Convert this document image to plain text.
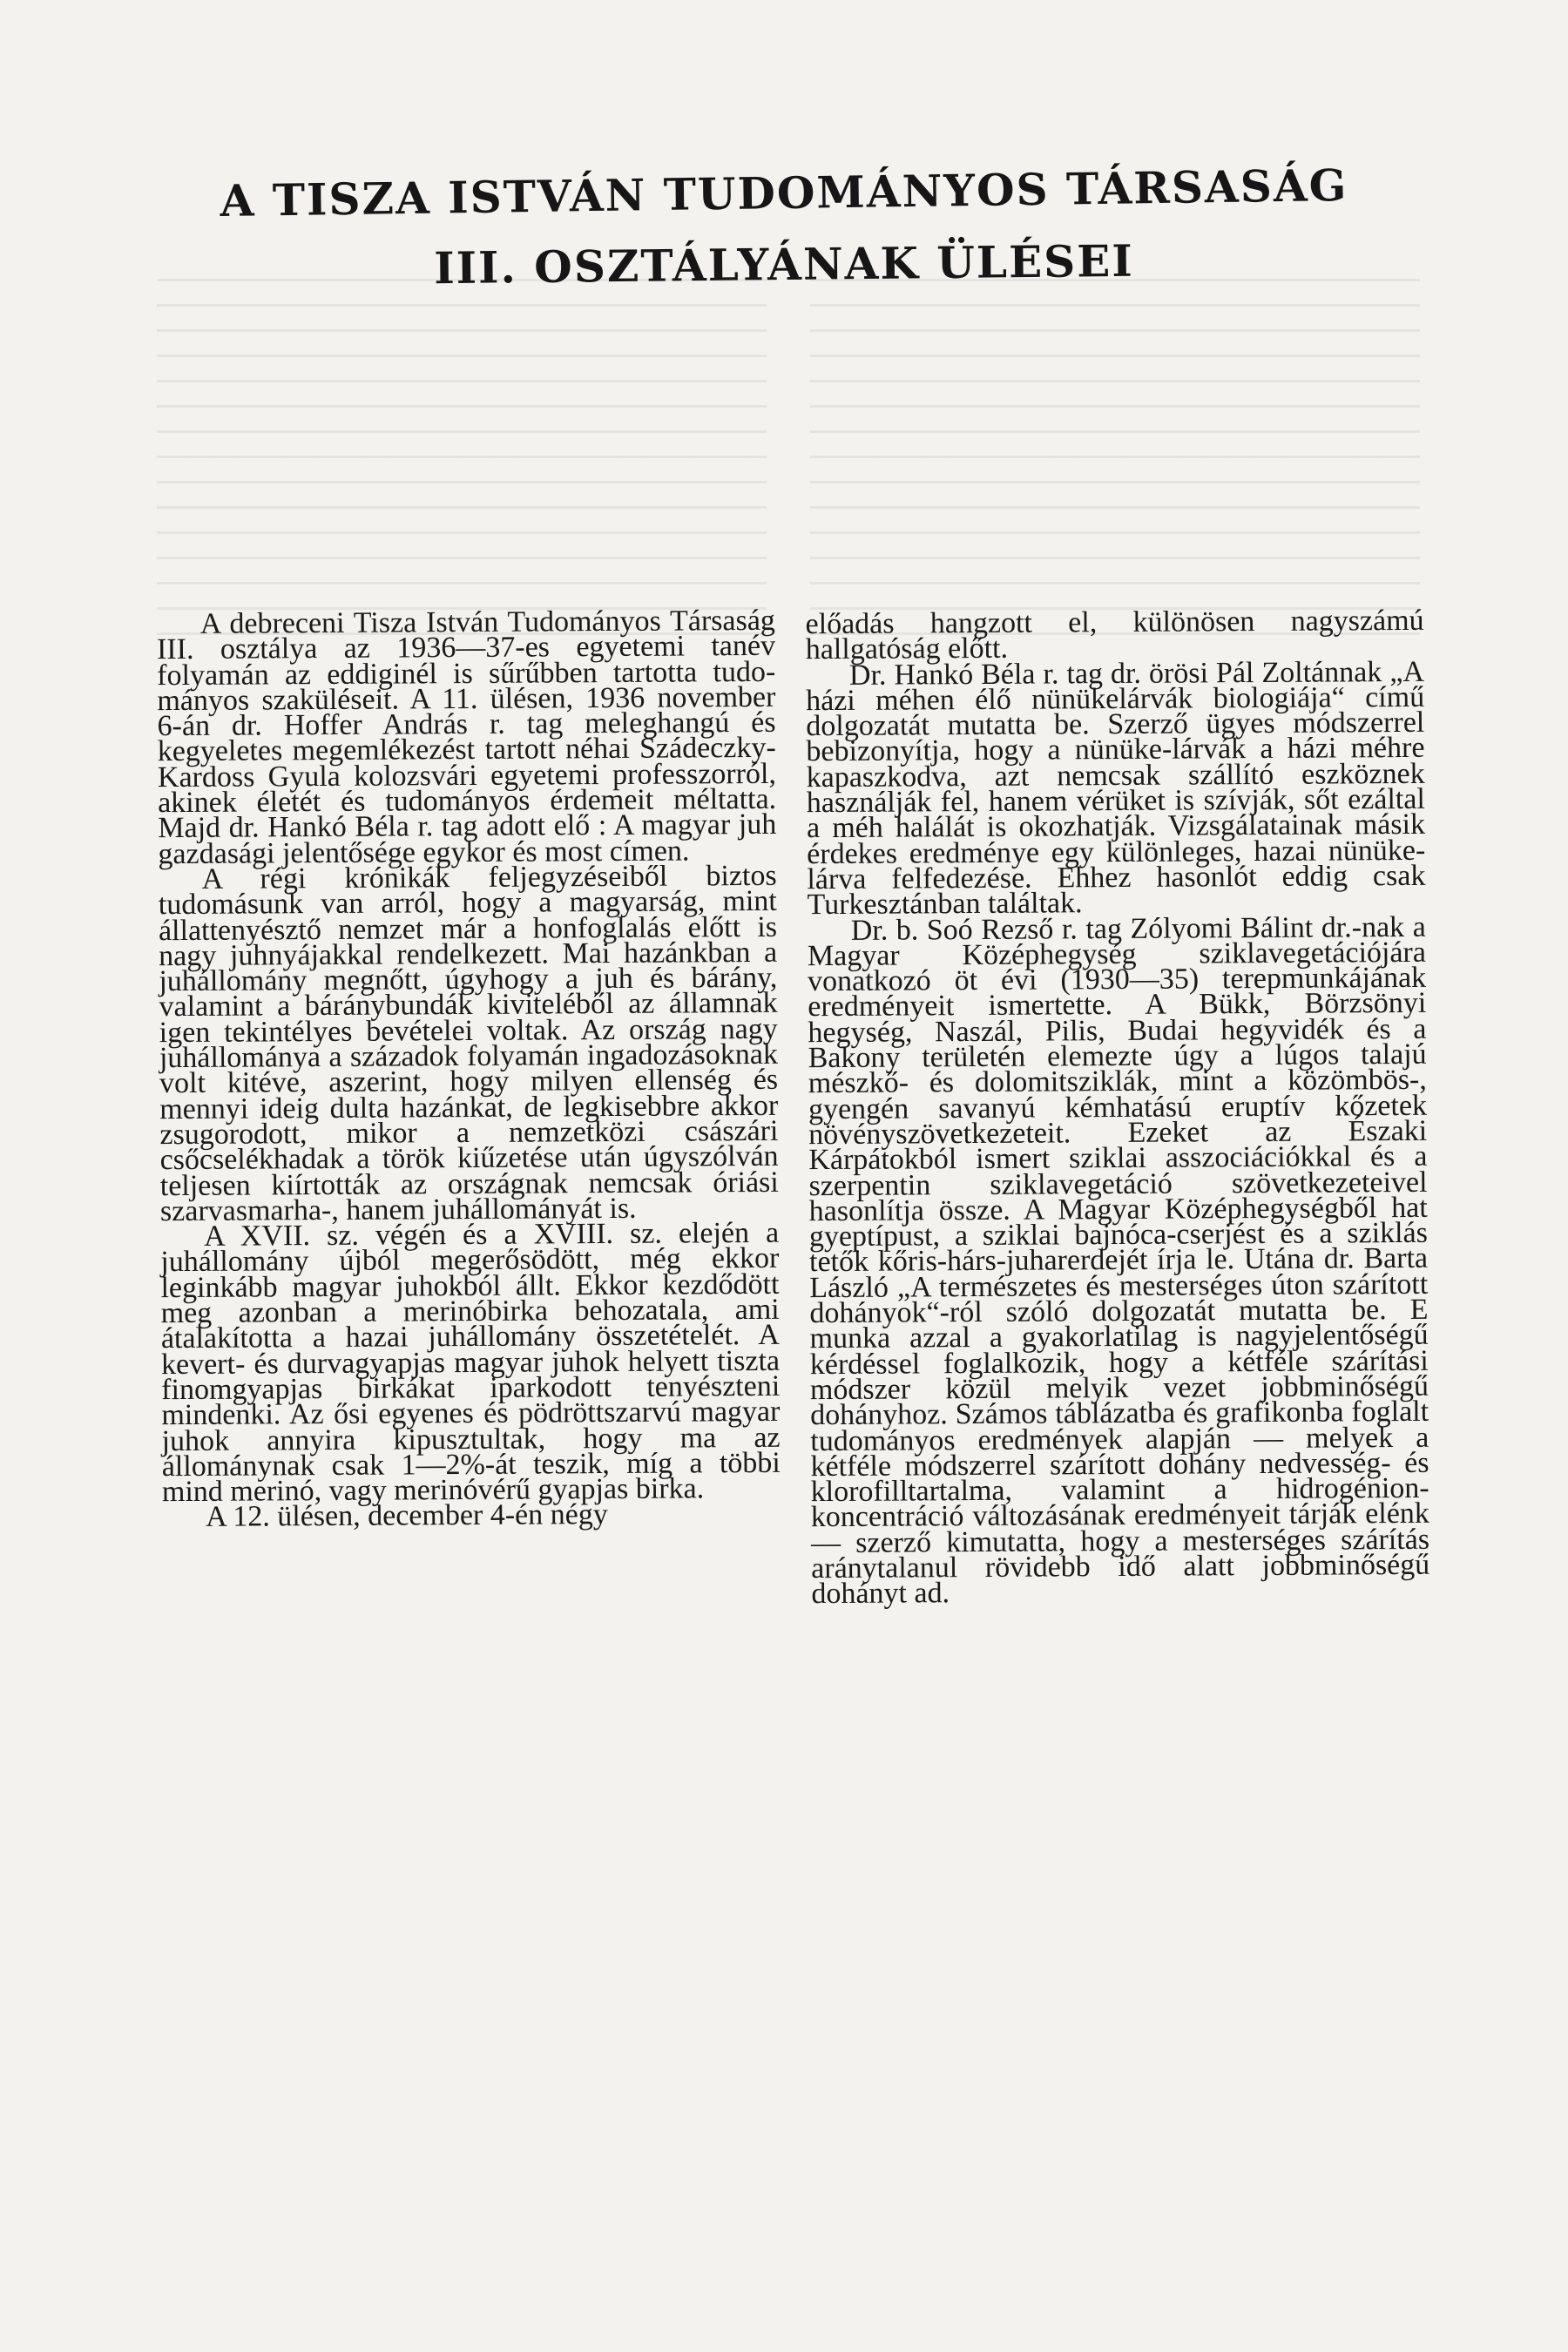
A TISZA ISTVÁN TUDOMÁNYOS TÁRSASÁG
III. OSZTÁLYÁNAK ÜLÉSEI

A debreceni Tisza István Tudományos Társaság III. osztálya az 1936—37-es egyetemi tanév folyamán az eddiginél is sűrűbben tartotta tudományos szaküléseit. A 11. ülésen, 1936 november 6-án dr. Hoffer András r. tag meleghangú és kegyeletes megemlékezést tartott néhai Szádeczky-Kardoss Gyula kolozsvári egyetemi professzorról, akinek életét és tudományos érdemeit méltatta. Majd dr. Hankó Béla r. tag adott elő : A magyar juh gazdasági jelentősége egykor és most címen.

A régi krónikák feljegyzéseiből biztos tudomásunk van arról, hogy a magyarság, mint állattenyésztő nemzet már a honfoglalás előtt is nagy juhnyájakkal rendelkezett. Mai hazánkban a juhállomány megnőtt, úgyhogy a juh és bárány, valamint a báránybundák kiviteléből az államnak igen tekintélyes bevételei voltak. Az ország nagy juhállománya a századok folyamán ingadozásoknak volt kitéve, aszerint, hogy milyen ellenség és mennyi ideig dulta hazánkat, de legkisebbre akkor zsugorodott, mikor a nemzetközi császári csőcselékhadak a török kiűzetése után úgyszólván teljesen kiírtották az országnak nemcsak óriási szarvasmarha-, hanem juhállományát is.

A XVII. sz. végén és a XVIII. sz. elején a juhállomány újból megerősödött, még ekkor leginkább magyar juhokból állt. Ekkor kezdődött meg azonban a merinóbirka behozatala, ami átalakította a hazai juhállomány összetételét. A kevert- és durvagyapjas magyar juhok helyett tiszta finomgyapjas birkákat iparkodott tenyészteni mindenki. Az ősi egyenes és pödröttszarvú magyar juhok annyira kipusztultak, hogy ma az állománynak csak 1—2%-át teszik, míg a többi mind merinó, vagy merinóvérű gyapjas birka.

A 12. ülésen, december 4-én négy

előadás hangzott el, különösen nagyszámú hallgatóság előtt.

Dr. Hankó Béla r. tag dr. örösi Pál Zoltánnak „A házi méhen élő nünükelárvák biologiája“ című dolgozatát mutatta be. Szerző ügyes módszerrel bebizonyítja, hogy a nünüke-lárvák a házi méhre kapaszkodva, azt nemcsak szállító eszköznek használják fel, hanem vérüket is szívják, sőt ezáltal a méh halálát is okozhatják. Vizsgálatainak másik érdekes eredménye egy különleges, hazai nünükelárva felfedezése. Ehhez hasonlót eddig csak Turkesztánban találtak.

Dr. b. Soó Rezső r. tag Zólyomi Bálint dr.-nak a Magyar Középhegység sziklavegetációjára vonatkozó öt évi (1930—35) terepmunkájának eredményeit ismertette. A Bükk, Börzsönyi hegység, Naszál, Pilis, Budai hegyvidék és a Bakony területén elemezte úgy a lúgos talajú mészkő- és dolomitsziklák, mint a közömbös-, gyengén savanyú kémhatású eruptív kőzetek növényszövetkezeteit. Ezeket az Északi Kárpátokból ismert sziklai asszociációkkal és a szerpentin sziklavegetáció szövetkezeteivel hasonlítja össze. A Magyar Középhegységből hat gyeptípust, a sziklai bajnóca-cserjést és a sziklás tetők kőris-hárs-juharerdejét írja le. Utána dr. Barta László „A természetes és mesterséges úton szárított dohányok“-ról szóló dolgozatát mutatta be. E munka azzal a gyakorlatilag is nagyjelentőségű kérdéssel foglalkozik, hogy a kétféle szárítási módszer közül melyik vezet jobbminőségű dohányhoz. Számos táblázatba és grafikonba foglalt tudományos eredmények alapján — melyek a kétféle módszerrel szárított dohány nedvesség- és klorofilltartalma, valamint a hidrogénionkoncentráció változásának eredményeit tárják elénk — szerző kimutatta, hogy a mesterséges szárítás aránytalanul rövidebb idő alatt jobbminőségű dohányt ad.
